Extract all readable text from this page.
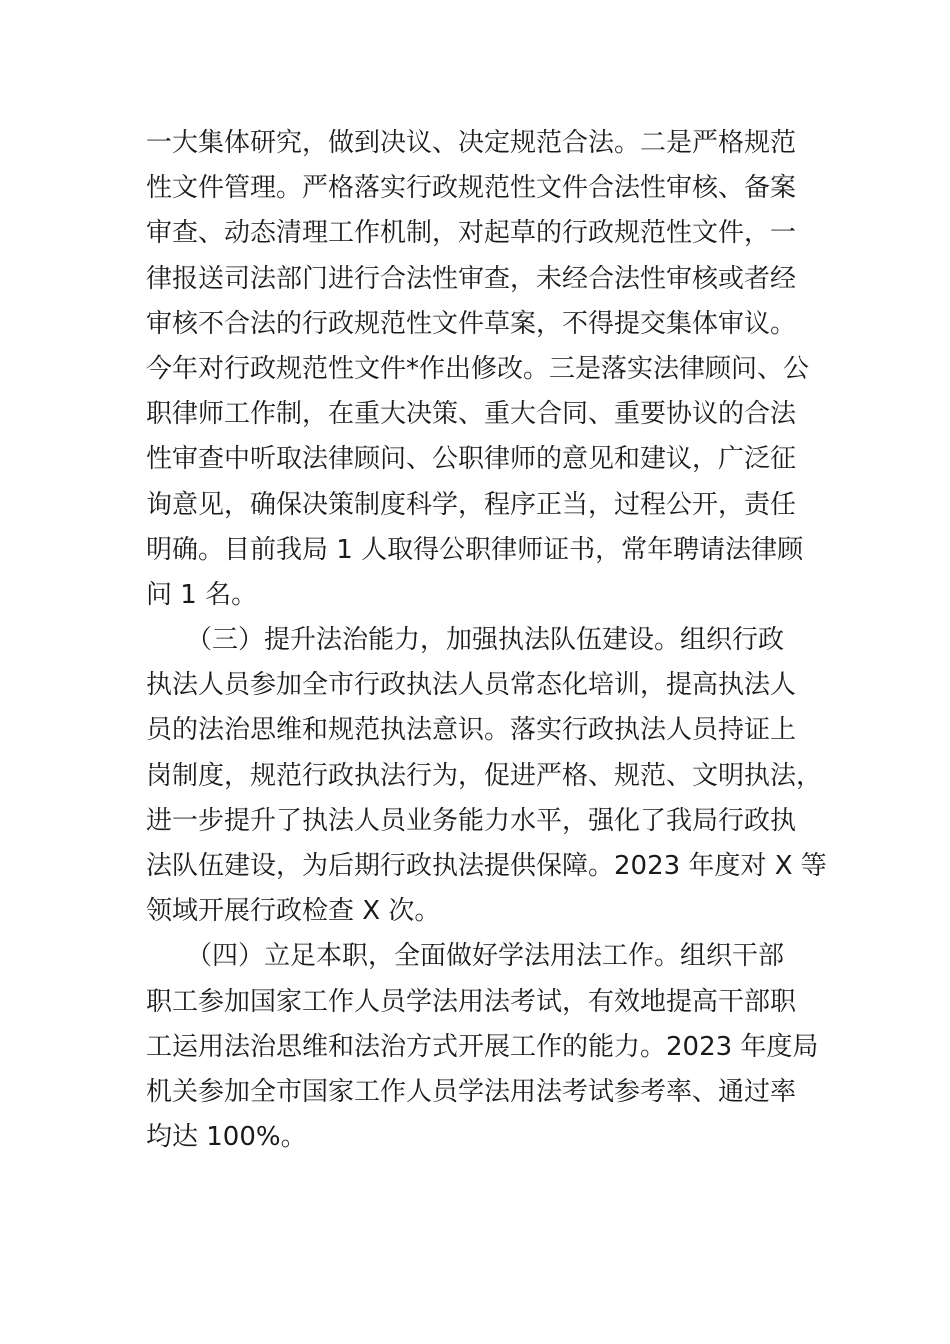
一大集体研究，做到决议、决定规范合法。二是严格规范
性文件管理。严格落实行政规范性文件合法性审核、备案
审查、动态清理工作机制，对起草的行政规范性文件，一
律报送司法部门进行合法性审查，未经合法性审核或者经
审核不合法的行政规范性文件草案，不得提交集体审议。
今年对行政规范性文件*作出修改。三是落实法律顾问、公
职律师工作制，在重大决策、重大合同、重要协议的合法
性审查中听取法律顾问、公职律师的意见和建议，广泛征
询意见，确保决策制度科学，程序正当，过程公开，责任
明确。目前我局 1 人取得公职律师证书，常年聘请法律顾
问 1 名。
（三）提升法治能力，加强执法队伍建设。组织行政
执法人员参加全市行政执法人员常态化培训，提高执法人
员的法治思维和规范执法意识。落实行政执法人员持证上
岗制度，规范行政执法行为，促进严格、规范、文明执法，
进一步提升了执法人员业务能力水平，强化了我局行政执
法队伍建设，为后期行政执法提供保障。2023 年度对 X 等
领域开展行政检查 X 次。
（四）立足本职，全面做好学法用法工作。组织干部
职工参加国家工作人员学法用法考试，有效地提高干部职
工运用法治思维和法治方式开展工作的能力。2023 年度局
机关参加全市国家工作人员学法用法考试参考率、通过率
均达 100%。
